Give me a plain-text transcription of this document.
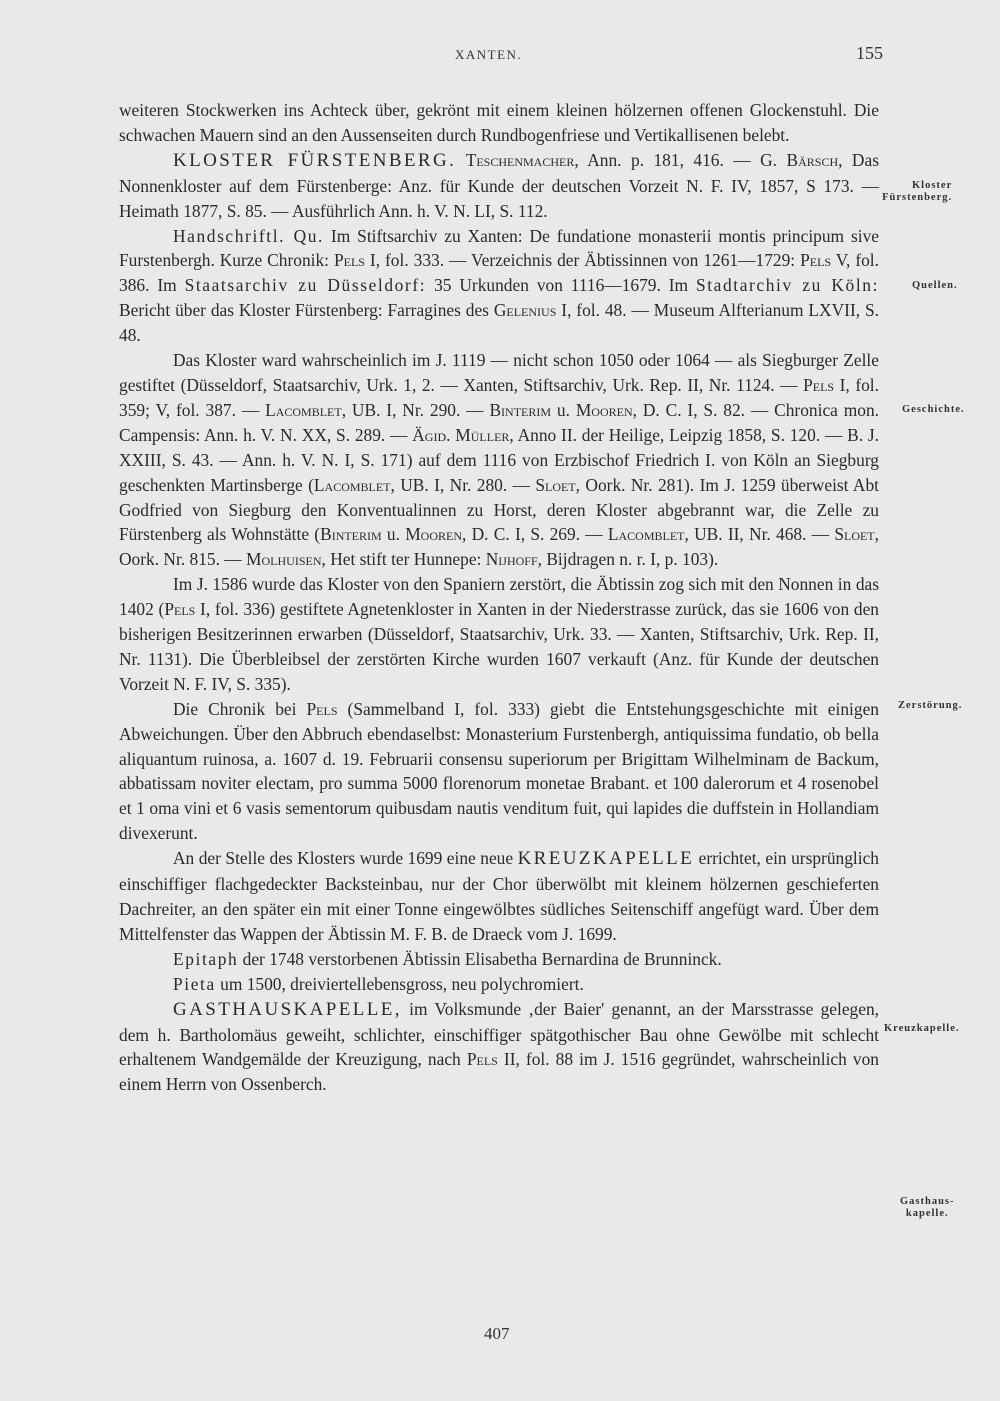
XANTEN.	155
Kloster
Fürstenberg.
Quellen.
Geschichte.
Zerstörung.
Kreuzkapelle.
Gasthaus-
kapelle.

weiteren Stockwerken ins Achteck über, gekrönt mit einem kleinen hölzernen offenen Glockenstuhl. Die schwachen Mauern sind an den Aussenseiten durch Rundbogenfriese und Vertikallisenen belebt.

KLOSTER FÜRSTENBERG. Teschenmacher, Ann. p. 181, 416. — G. Bärsch, Das Nonnenkloster auf dem Fürstenberge: Anz. für Kunde der deutschen Vorzeit N. F. IV, 1857, S 173. — Heimath 1877, S. 85. — Ausführlich Ann. h. V. N. LI, S. 112.

Handschriftl. Qu. Im Stiftsarchiv zu Xanten: De fundatione monasterii montis principum sive Furstenbergh. Kurze Chronik: Pels I, fol. 333. — Verzeichnis der Äbtissinnen von 1261—1729: Pels V, fol. 386. Im Staatsarchiv zu Düsseldorf: 35 Urkunden von 1116—1679. Im Stadtarchiv zu Köln: Bericht über das Kloster Fürstenberg: Farragines des Gelenius I, fol. 48. — Museum Alfterianum LXVII, S. 48.

Das Kloster ward wahrscheinlich im J. 1119 — nicht schon 1050 oder 1064 — als Siegburger Zelle gestiftet (Düsseldorf, Staatsarchiv, Urk. 1, 2. — Xanten, Stiftsarchiv, Urk. Rep. II, Nr. 1124. — Pels I, fol. 359; V, fol. 387. — Lacomblet, UB. I, Nr. 290. — Binterim u. Mooren, D. C. I, S. 82. — Chronica mon. Campensis: Ann. h. V. N. XX, S. 289. — Ägid. Müller, Anno II. der Heilige, Leipzig 1858, S. 120. — B. J. XXIII, S. 43. — Ann. h. V. N. I, S. 171) auf dem 1116 von Erzbischof Friedrich I. von Köln an Siegburg geschenkten Martinsberge (Lacomblet, UB. I, Nr. 280. — Sloet, Oork. Nr. 281). Im J. 1259 überweist Abt Godfried von Siegburg den Konventualinnen zu Horst, deren Kloster abgebrannt war, die Zelle zu Fürstenberg als Wohnstätte (Binterim u. Mooren, D. C. I, S. 269. — Lacomblet, UB. II, Nr. 468. — Sloet, Oork. Nr. 815. — Molhuisen, Het stift ter Hunnepe: Nijhoff, Bijdragen n. r. I, p. 103).

Im J. 1586 wurde das Kloster von den Spaniern zerstört, die Äbtissin zog sich mit den Nonnen in das 1402 (Pels I, fol. 336) gestiftete Agnetenkloster in Xanten in der Niederstrasse zurück, das sie 1606 von den bisherigen Besitzerinnen erwarben (Düsseldorf, Staatsarchiv, Urk. 33. — Xanten, Stiftsarchiv, Urk. Rep. II, Nr. 1131). Die Überbleibsel der zerstörten Kirche wurden 1607 verkauft (Anz. für Kunde der deutschen Vorzeit N. F. IV, S. 335).

Die Chronik bei Pels (Sammelband I, fol. 333) giebt die Entstehungsgeschichte mit einigen Abweichungen. Über den Abbruch ebendaselbst: Monasterium Furstenbergh, antiquissima fundatio, ob bella aliquantum ruinosa, a. 1607 d. 19. Februarii consensu superiorum per Brigittam Wilhelminam de Backum, abbatissam noviter electam, pro summa 5000 florenorum monetae Brabant. et 100 dalerorum et 4 rosenobel et 1 oma vini et 6 vasis sementorum quibusdam nautis venditum fuit, qui lapides die duffstein in Hollandiam divexerunt.

An der Stelle des Klosters wurde 1699 eine neue KREUZKAPELLE errichtet, ein ursprünglich einschiffiger flachgedeckter Backsteinbau, nur der Chor überwölbt mit kleinem hölzernen geschieferten Dachreiter, an den später ein mit einer Tonne eingewölbtes südliches Seitenschiff angefügt ward. Über dem Mittelfenster das Wappen der Äbtissin M. F. B. de Draeck vom J. 1699.

Epitaph der 1748 verstorbenen Äbtissin Elisabetha Bernardina de Brunninck.

Pieta um 1500, dreiviertellebensgross, neu polychromiert.

GASTHAUSKAPELLE, im Volksmunde ‚der Baier' genannt, an der Marsstrasse gelegen, dem h. Bartholomäus geweiht, schlichter, einschiffiger spätgothischer Bau ohne Gewölbe mit schlecht erhaltenem Wandgemälde der Kreuzigung, nach Pels II, fol. 88 im J. 1516 gegründet, wahrscheinlich von einem Herrn von Ossenberch.

407
